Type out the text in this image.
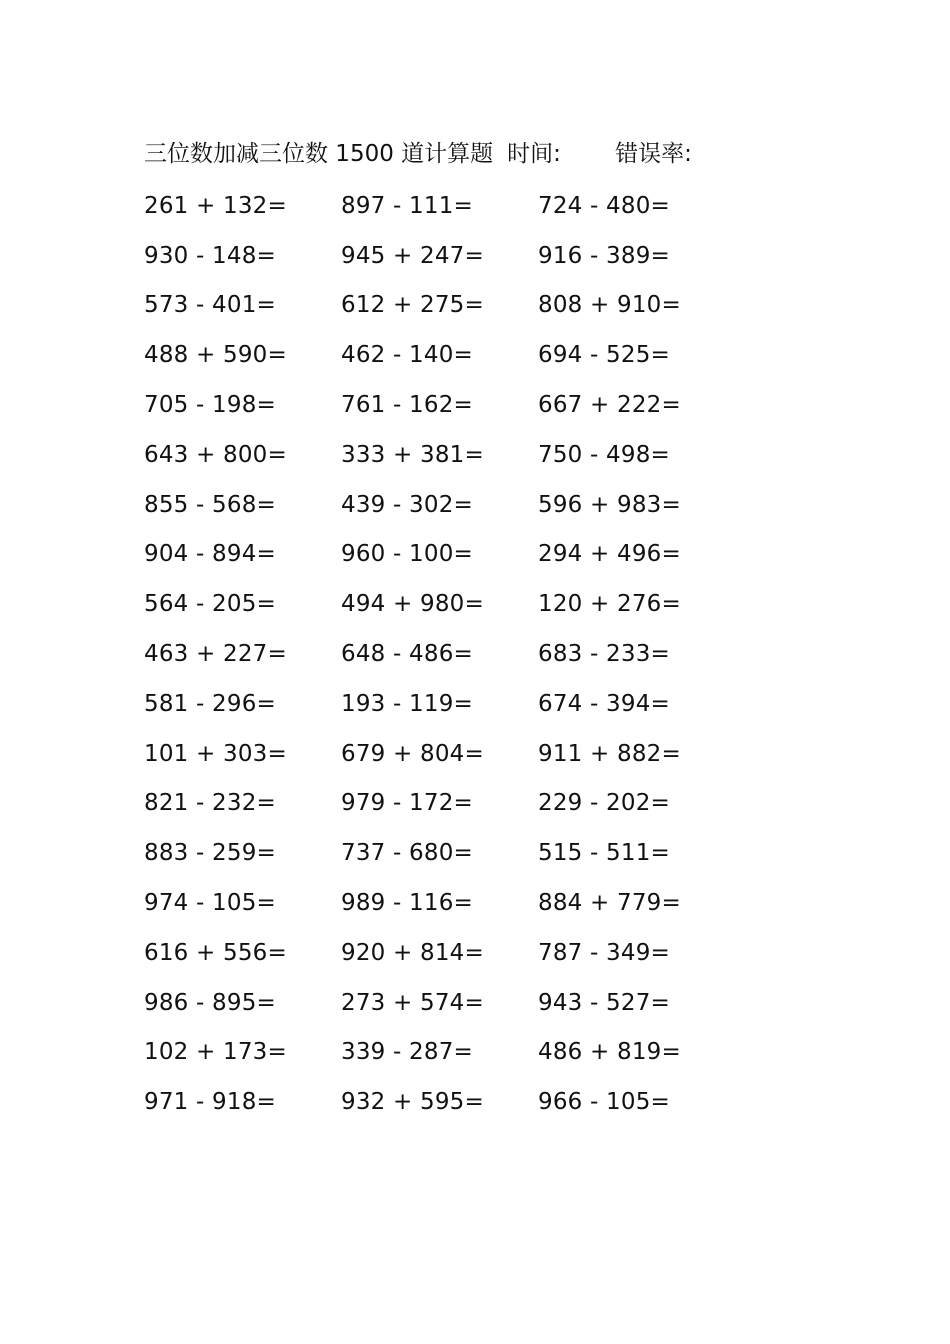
三位数加减三位数 1500 道计算题 时间:	错误率:
261 + 132=	897 - 111=	724 - 480=
930 - 148=	945 + 247=	916 - 389=
573 - 401=	612 + 275=	808 + 910=
488 + 590=	462 - 140=	694 - 525=
705 - 198=	761 - 162=	667 + 222=
643 + 800=	333 + 381=	750 - 498=
855 - 568=	439 - 302=	596 + 983=
904 - 894=	960 - 100=	294 + 496=
564 - 205=	494 + 980=	120 + 276=
463 + 227=	648 - 486=	683 - 233=
581 - 296=	193 - 119=	674 - 394=
101 + 303=	679 + 804=	911 + 882=
821 - 232=	979 - 172=	229 - 202=
883 - 259=	737 - 680=	515 - 511=
974 - 105=	989 - 116=	884 + 779=
616 + 556=	920 + 814=	787 - 349=
986 - 895=	273 + 574=	943 - 527=
102 + 173=	339 - 287=	486 + 819=
971 - 918=	932 + 595=	966 - 105=
